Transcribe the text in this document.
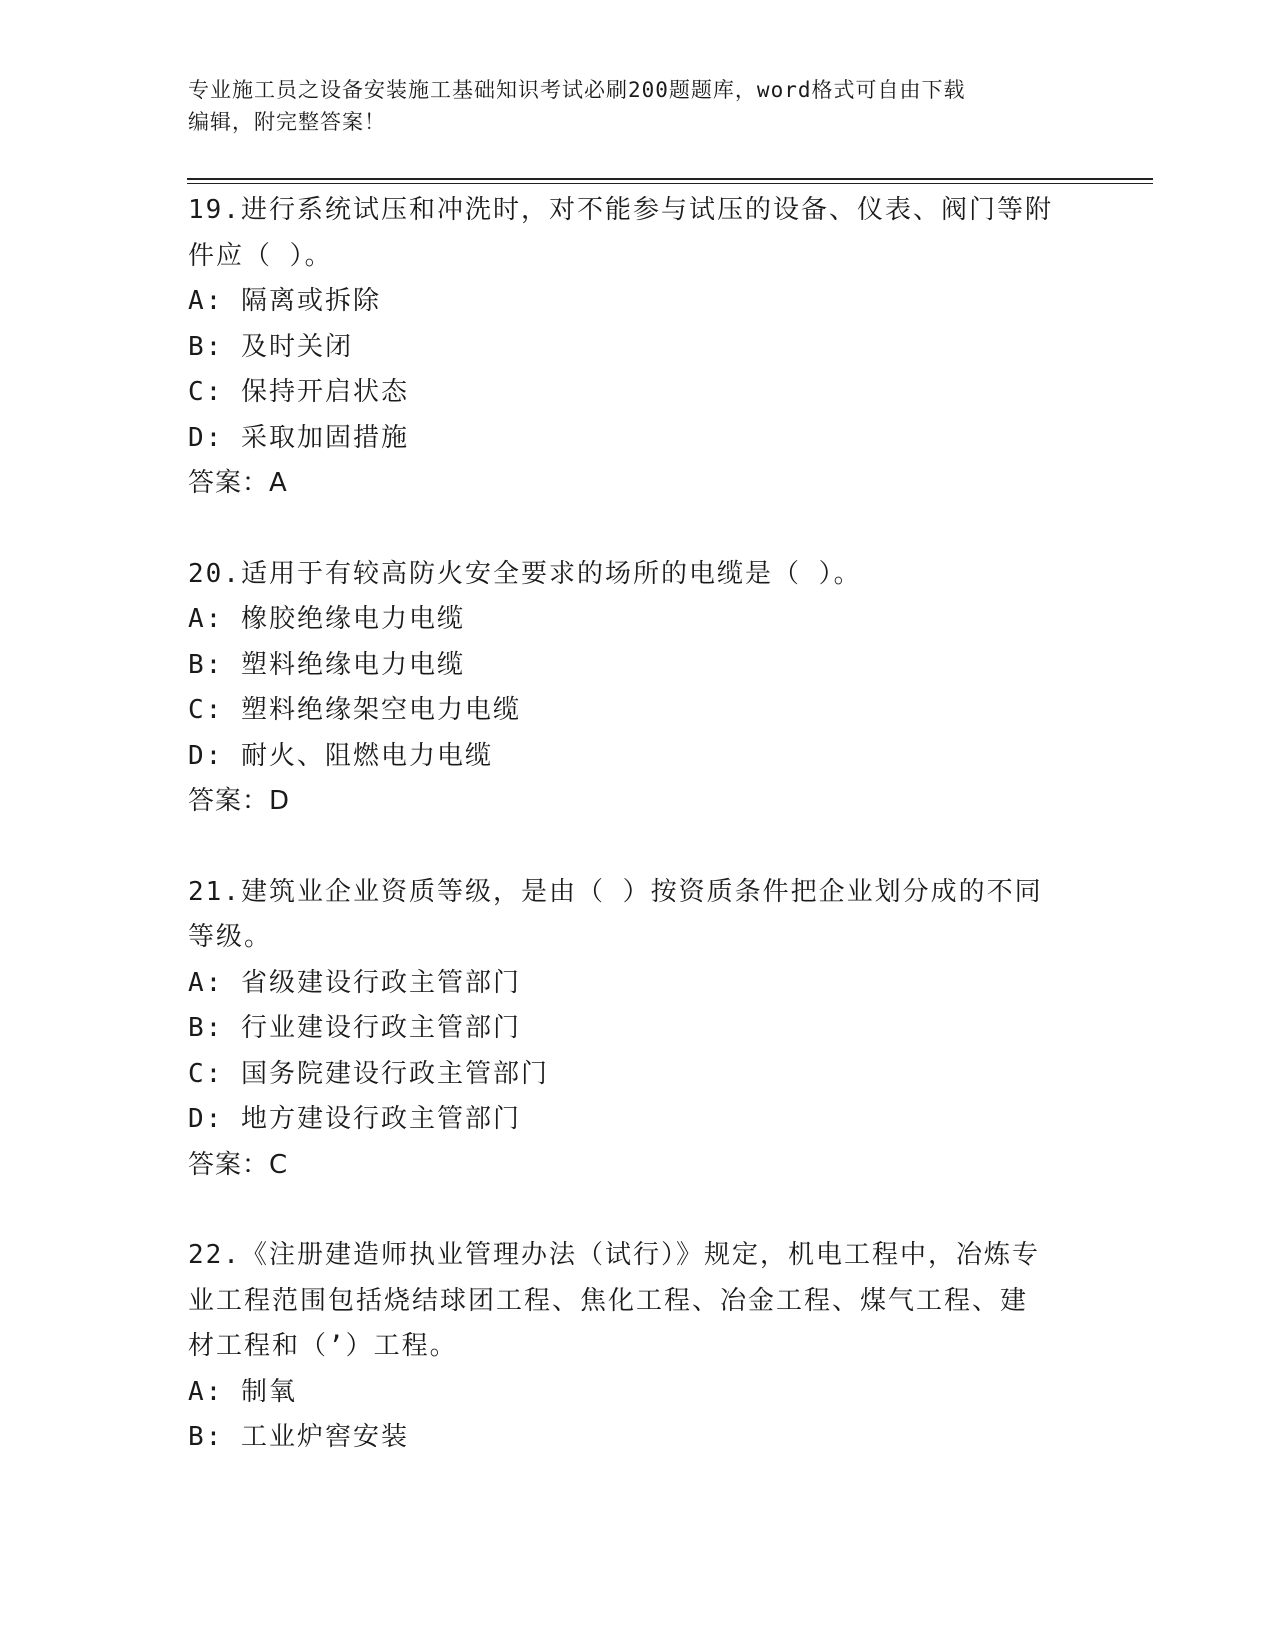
专业施工员之设备安装施工基础知识考试必刷200题题库，word格式可自由下载
编辑，附完整答案！
19.进行系统试压和冲洗时，对不能参与试压的设备、仪表、阀门等附
件应（ ）。
A: 隔离或拆除
B: 及时关闭
C: 保持开启状态
D: 采取加固措施
答案：A
20.适用于有较高防火安全要求的场所的电缆是（ ）。
A: 橡胶绝缘电力电缆
B: 塑料绝缘电力电缆
C: 塑料绝缘架空电力电缆
D: 耐火、阻燃电力电缆
答案：D
21.建筑业企业资质等级，是由（ ）按资质条件把企业划分成的不同
等级。
A: 省级建设行政主管部门
B: 行业建设行政主管部门
C: 国务院建设行政主管部门
D: 地方建设行政主管部门
答案：C
22.《注册建造师执业管理办法（试行）》规定，机电工程中，冶炼专
业工程范围包括烧结球团工程、焦化工程、冶金工程、煤气工程、建
材工程和（’）工程。
A: 制氧
B: 工业炉窖安装
